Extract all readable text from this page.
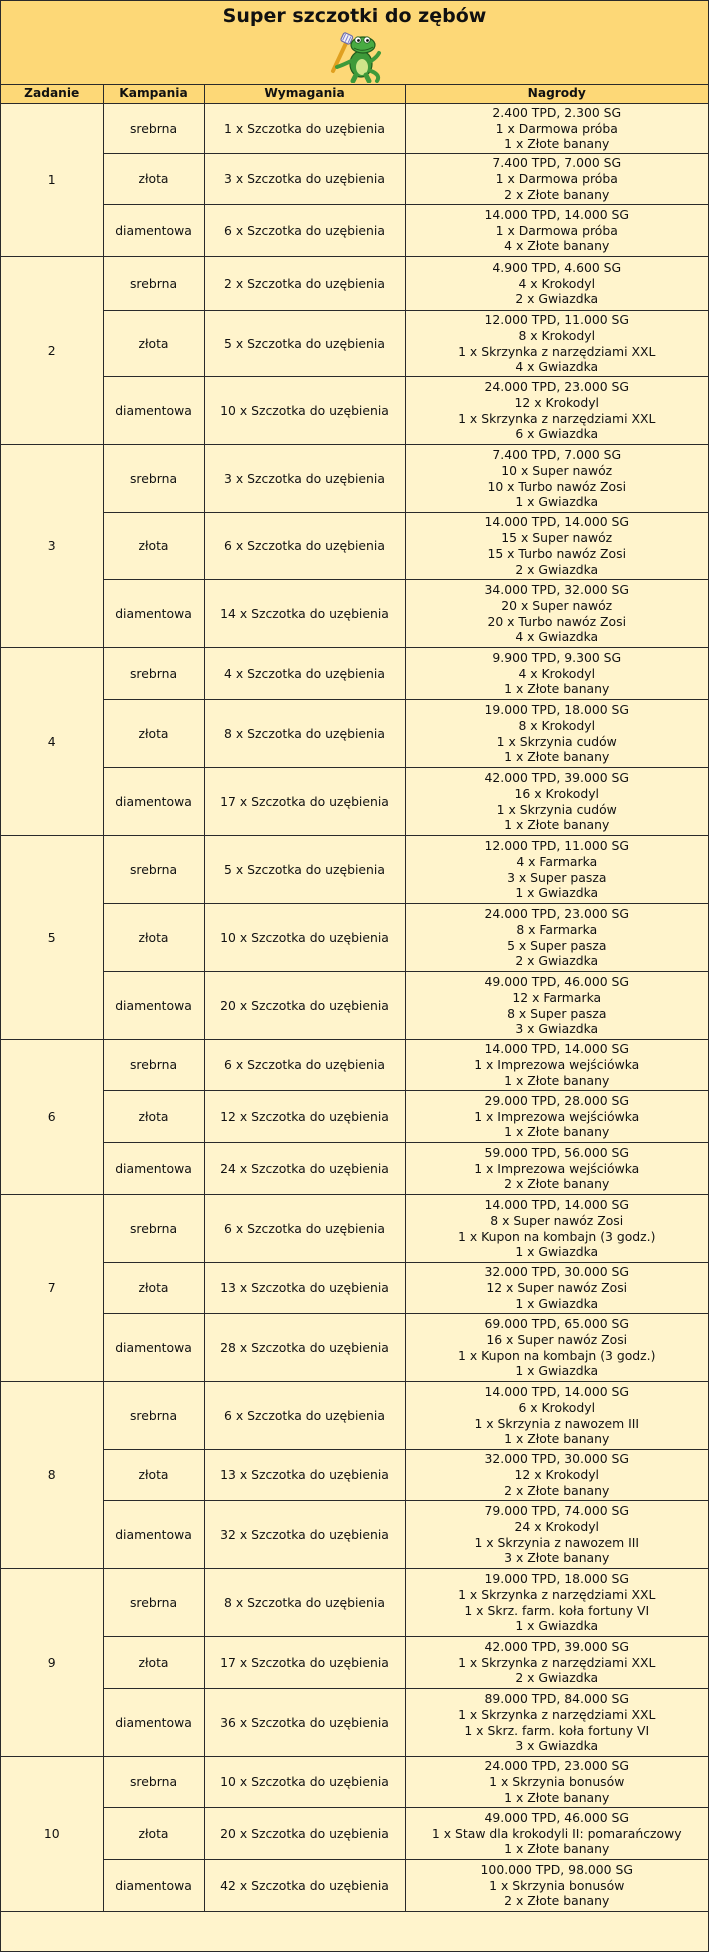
Super szczotki do zębów
Zadanie	Kampania	Wymagania	Nagrody
1	srebrna	1 x Szczotka do uzębienia	2.400 TPD, 2.300 SG
1 x Darmowa próba
1 x Złote banany

	złota	3 x Szczotka do uzębienia	7.400 TPD, 7.000 SG
1 x Darmowa próba
2 x Złote banany

	diamentowa	6 x Szczotka do uzębienia	14.000 TPD, 14.000 SG
1 x Darmowa próba
4 x Złote banany

2	srebrna	2 x Szczotka do uzębienia	4.900 TPD, 4.600 SG
4 x Krokodyl
2 x Gwiazdka

	złota	5 x Szczotka do uzębienia	12.000 TPD, 11.000 SG
8 x Krokodyl
1 x Skrzynka z narzędziami XXL
4 x Gwiazdka

	diamentowa	10 x Szczotka do uzębienia	24.000 TPD, 23.000 SG
12 x Krokodyl
1 x Skrzynka z narzędziami XXL
6 x Gwiazdka

3	srebrna	3 x Szczotka do uzębienia	7.400 TPD, 7.000 SG
10 x Super nawóz
10 x Turbo nawóz Zosi
1 x Gwiazdka

	złota	6 x Szczotka do uzębienia	14.000 TPD, 14.000 SG
15 x Super nawóz
15 x Turbo nawóz Zosi
2 x Gwiazdka

	diamentowa	14 x Szczotka do uzębienia	34.000 TPD, 32.000 SG
20 x Super nawóz
20 x Turbo nawóz Zosi
4 x Gwiazdka

4	srebrna	4 x Szczotka do uzębienia	9.900 TPD, 9.300 SG
4 x Krokodyl
1 x Złote banany

	złota	8 x Szczotka do uzębienia	19.000 TPD, 18.000 SG
8 x Krokodyl
1 x Skrzynia cudów
1 x Złote banany

	diamentowa	17 x Szczotka do uzębienia	42.000 TPD, 39.000 SG
16 x Krokodyl
1 x Skrzynia cudów
1 x Złote banany

5	srebrna	5 x Szczotka do uzębienia	12.000 TPD, 11.000 SG
4 x Farmarka
3 x Super pasza
1 x Gwiazdka

	złota	10 x Szczotka do uzębienia	24.000 TPD, 23.000 SG
8 x Farmarka
5 x Super pasza
2 x Gwiazdka

	diamentowa	20 x Szczotka do uzębienia	49.000 TPD, 46.000 SG
12 x Farmarka
8 x Super pasza
3 x Gwiazdka

6	srebrna	6 x Szczotka do uzębienia	14.000 TPD, 14.000 SG
1 x Imprezowa wejściówka
1 x Złote banany

	złota	12 x Szczotka do uzębienia	29.000 TPD, 28.000 SG
1 x Imprezowa wejściówka
1 x Złote banany

	diamentowa	24 x Szczotka do uzębienia	59.000 TPD, 56.000 SG
1 x Imprezowa wejściówka
2 x Złote banany

7	srebrna	6 x Szczotka do uzębienia	14.000 TPD, 14.000 SG
8 x Super nawóz Zosi
1 x Kupon na kombajn (3 godz.)
1 x Gwiazdka

	złota	13 x Szczotka do uzębienia	32.000 TPD, 30.000 SG
12 x Super nawóz Zosi
1 x Gwiazdka

	diamentowa	28 x Szczotka do uzębienia	69.000 TPD, 65.000 SG
16 x Super nawóz Zosi
1 x Kupon na kombajn (3 godz.)
1 x Gwiazdka

8	srebrna	6 x Szczotka do uzębienia	14.000 TPD, 14.000 SG
6 x Krokodyl
1 x Skrzynia z nawozem III
1 x Złote banany

	złota	13 x Szczotka do uzębienia	32.000 TPD, 30.000 SG
12 x Krokodyl
2 x Złote banany

	diamentowa	32 x Szczotka do uzębienia	79.000 TPD, 74.000 SG
24 x Krokodyl
1 x Skrzynia z nawozem III
3 x Złote banany

9	srebrna	8 x Szczotka do uzębienia	19.000 TPD, 18.000 SG
1 x Skrzynka z narzędziami XXL
1 x Skrz. farm. koła fortuny VI
1 x Gwiazdka

	złota	17 x Szczotka do uzębienia	42.000 TPD, 39.000 SG
1 x Skrzynka z narzędziami XXL
2 x Gwiazdka

	diamentowa	36 x Szczotka do uzębienia	89.000 TPD, 84.000 SG
1 x Skrzynka z narzędziami XXL
1 x Skrz. farm. koła fortuny VI
3 x Gwiazdka

10	srebrna	10 x Szczotka do uzębienia	24.000 TPD, 23.000 SG
1 x Skrzynia bonusów
1 x Złote banany

	złota	20 x Szczotka do uzębienia	49.000 TPD, 46.000 SG
1 x Staw dla krokodyli II: pomarańczowy
1 x Złote banany

	diamentowa	42 x Szczotka do uzębienia	100.000 TPD, 98.000 SG
1 x Skrzynia bonusów
2 x Złote banany
